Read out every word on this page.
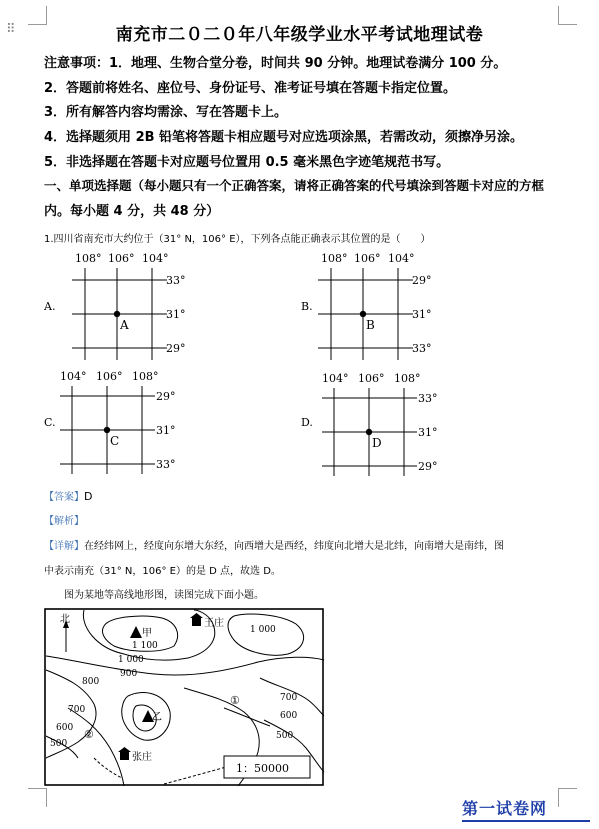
⠿	南充市二０二０年八年级学业水平考试地理试卷
注意事项：1．地理、生物合堂分卷，时间共 90 分钟。地理试卷满分 100 分。
2．答题前将姓名、座位号、身份证号、准考证号填在答题卡指定位置。
3．所有解答内容均需涂、写在答题卡上。
4．选择题须用 2B 铅笔将答题卡相应题号对应选项涂黑，若需改动，须擦净另涂。
5．非选择题在答题卡对应题号位置用 0.5 毫米黑色字迹笔规范书写。
一、单项选择题（每小题只有一个正确答案，请将正确答案的代号填涂到答题卡对应的方框
内。每小题 4 分，共 48 分）
1.四川省南充市大约位于（31° N，106° E），下列各点能正确表示其位置的是（　　）
A.
108° 106° 104°
33°
31°
29°
A
B.
108° 106° 104°
29°
31°
33°
B
C.
104° 106° 108°
29°
31°
33°
C
D.
104° 106° 108°
33°
31°
29°
D
【答案】D
【解析】
【详解】在经纬网上，经度向东增大东经，向西增大是西经，纬度向北增大是北纬，向南增大是南纬，图
中表示南充（31° N，106° E）的是 D 点，故选 D。
图为某地等高线地形图，读图完成下面小题。
北
甲
王庄
乙
张庄
1 000
1 100
1 000
900
800
700
600
500
700
600
500
①
②
1：50000
第一试卷网
